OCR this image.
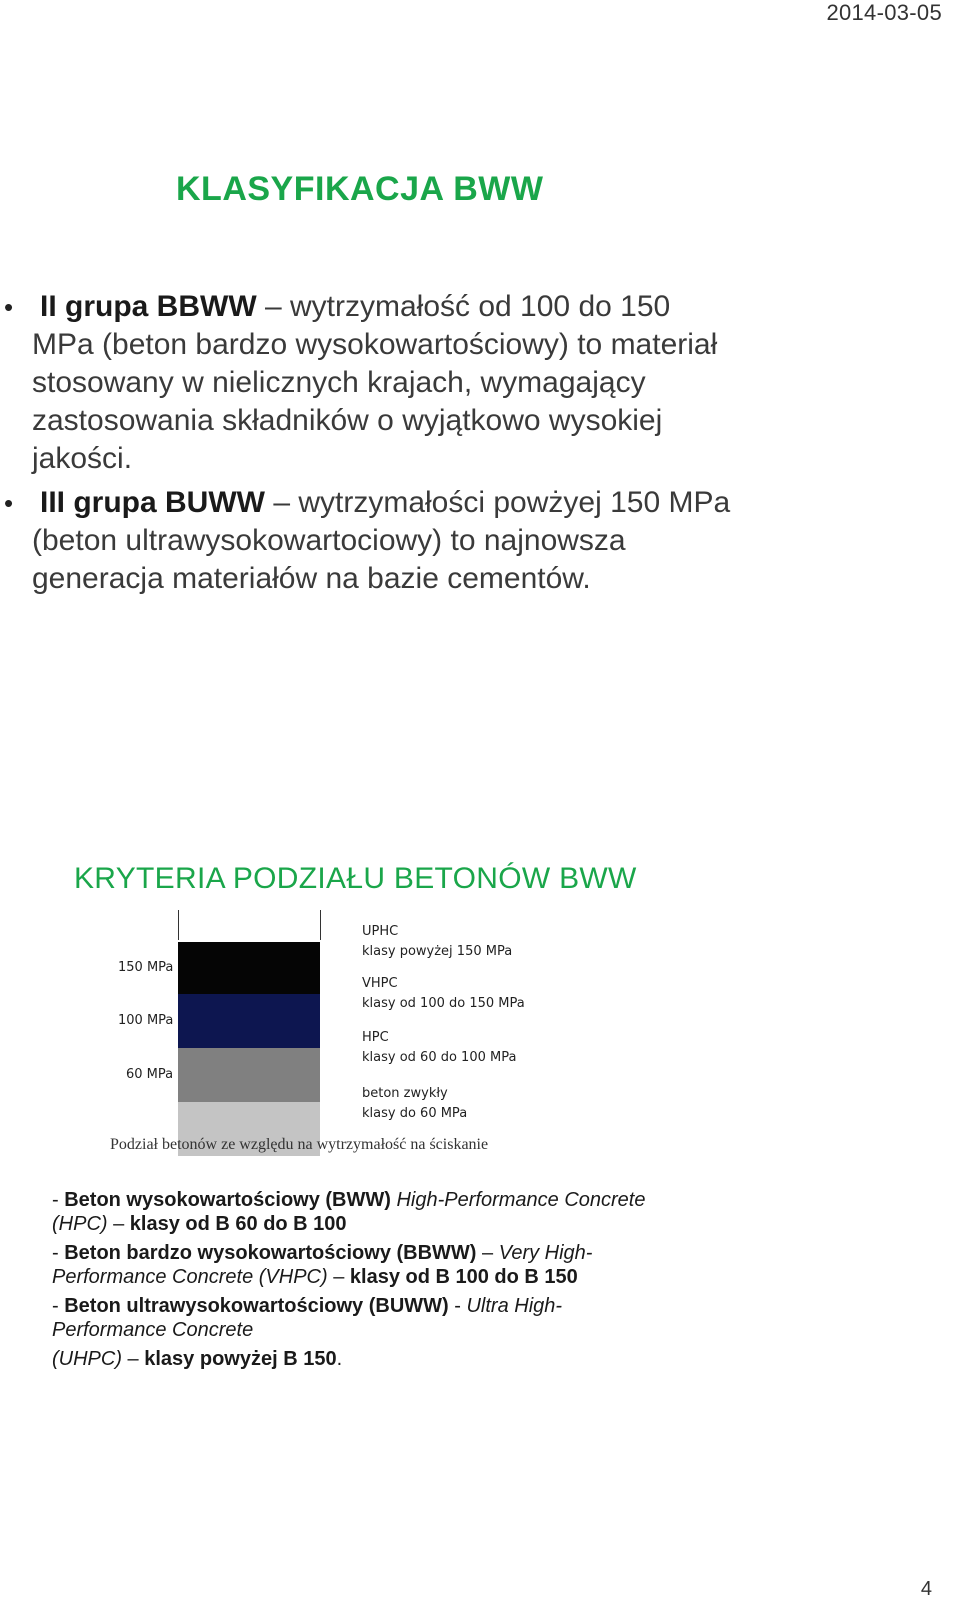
2014-03-05
KLASYFIKACJA BWW
• II grupa BBWW – wytrzymałość od 100 do 150 MPa (beton bardzo wysokowartościowy) to materiał stosowany w nielicznych krajach, wymagający zastosowania składników o wyjątkowo wysokiej jakości.
• III grupa BUWW – wytrzymałości powżyej 150 MPa (beton ultrawysokowartociowy) to najnowsza generacja materiałów na bazie cementów.
KRYTERIA PODZIAŁU BETONÓW BWW
150 MPa
100 MPa
60 MPa
UPHC
klasy powyżej 150 MPa
VHPC
klasy od 100 do 150 MPa
HPC
klasy od 60 do 100 MPa
beton zwykły
klasy do 60 MPa
Podział betonów ze względu na wytrzymałość na ściskanie

- Beton wysokowartościowy (BWW) High-Performance Concrete (HPC) – klasy od B 60 do B 100

- Beton bardzo wysokowartościowy (BBWW) – Very High-Performance Concrete (VHPC) – klasy od B 100 do B 150

- Beton ultrawysokowartościowy (BUWW) - Ultra High-Performance Concrete

(UHPC) – klasy powyżej B 150.

4
